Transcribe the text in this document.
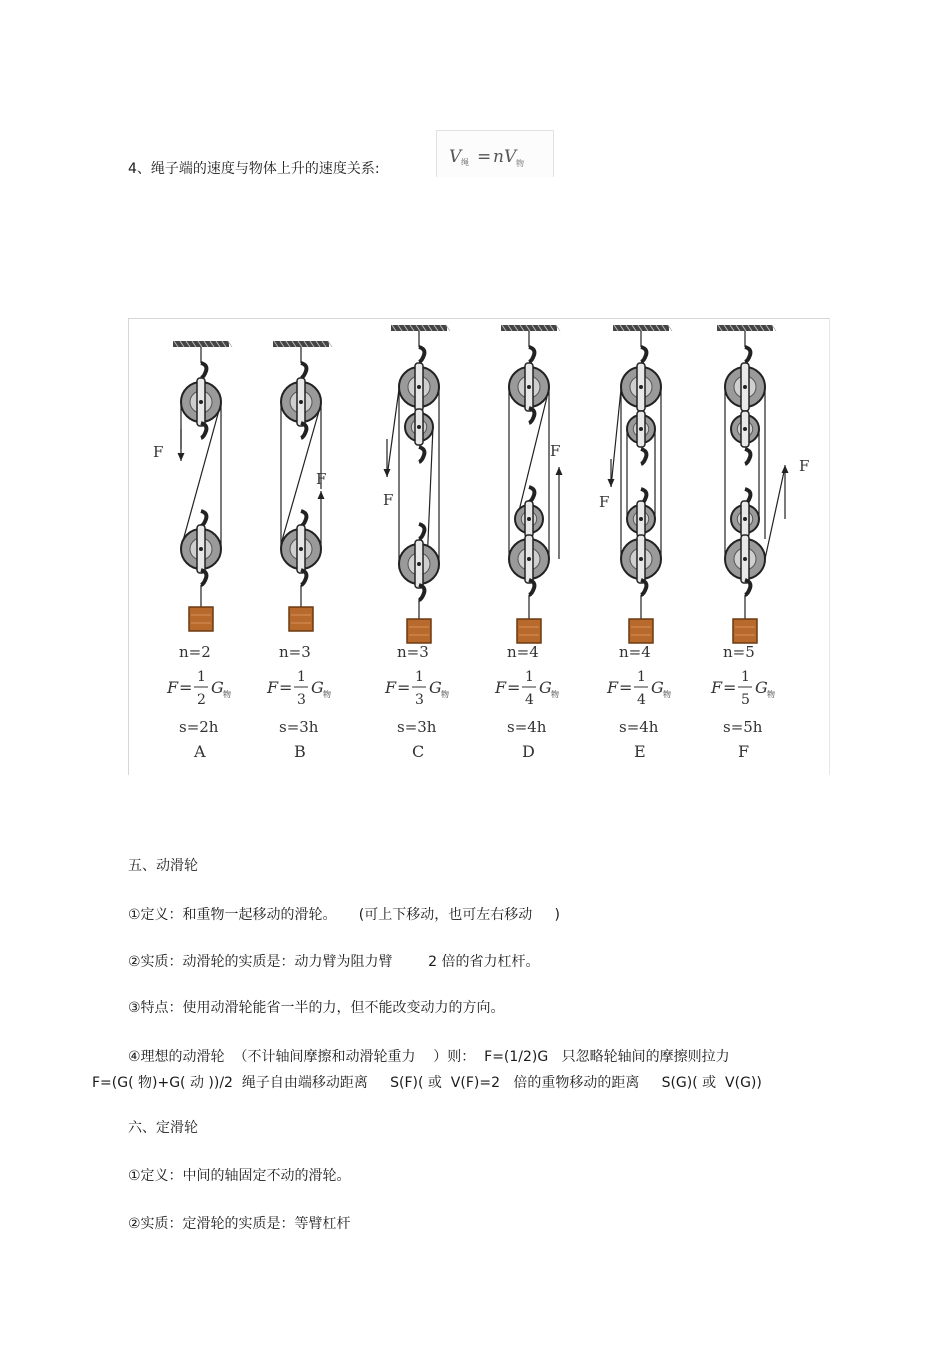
4、绳子端的速度与物体上升的速度关系:
V 绳 = n V 物
F
F
F
F
F
F
n=2
F =
1
2
G 物
s=2h
A
n=3
F =
1
3
G 物
s=3h
B
n=3
F =
1
3
G 物
s=3h
C
n=4
F =
1
4
G 物
s=4h
D
n=4
F =
1
4
G 物
s=4h
E
n=5
F =
1
5
G 物
s=5h
F
五、动滑轮
①定义：和重物一起移动的滑轮。     (可上下移动，也可左右移动     )
②实质：动滑轮的实质是：动力臂为阻力臂        2 倍的省力杠杆。
③特点：使用动滑轮能省一半的力，但不能改变动力的方向。
④理想的动滑轮  （不计轴间摩擦和动滑轮重力    ）则：  F=(1/2)G   只忽略轮轴间的摩擦则拉力
F=(G( 物)+G( 动 ))/2  绳子自由端移动距离     S(F)( 或  V(F)=2   倍的重物移动的距离     S(G)( 或  V(G))
六、定滑轮
①定义：中间的轴固定不动的滑轮。
②实质：定滑轮的实质是：等臂杠杆
